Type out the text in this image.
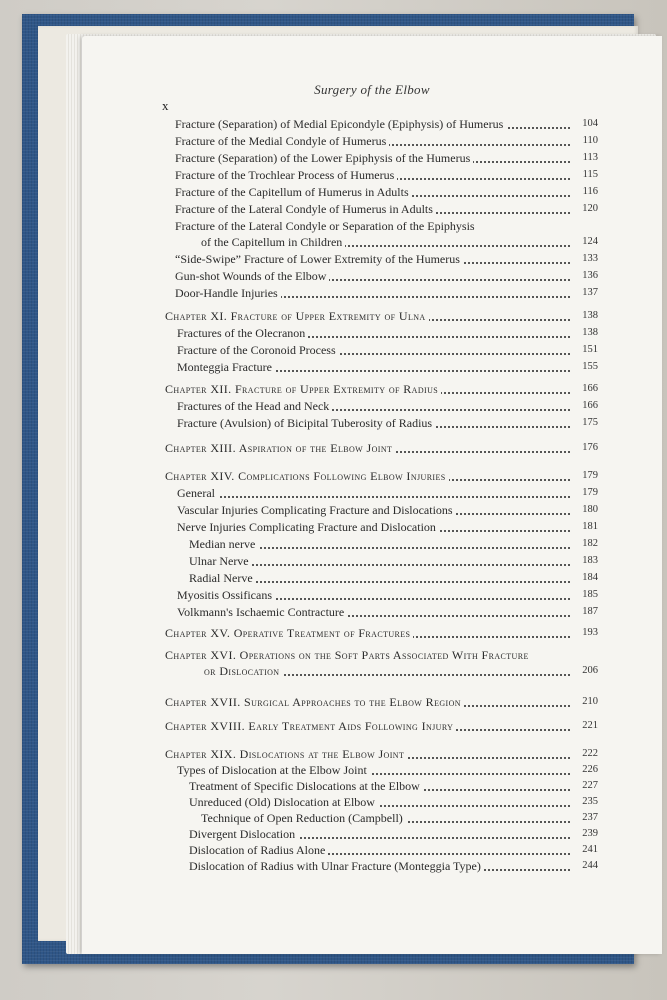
Surgery of the Elbow
x
Fracture (Separation) of Medial Epicondyle (Epiphysis) of Humerus	104
Fracture of the Medial Condyle of Humerus	110
Fracture (Separation) of the Lower Epiphysis of the Humerus	113
Fracture of the Trochlear Process of Humerus	115
Fracture of the Capitellum of Humerus in Adults	116
Fracture of the Lateral Condyle of Humerus in Adults	120
Fracture of the Lateral Condyle or Separation of the Epiphysis
of the Capitellum in Children	124
“Side-Swipe” Fracture of Lower Extremity of the Humerus	133
Gun-shot Wounds of the Elbow	136
Door-Handle Injuries	137
Chapter XI. Fracture of Upper Extremity of Ulna	138
Fractures of the Olecranon	138
Fracture of the Coronoid Process	151
Monteggia Fracture	155
Chapter XII. Fracture of Upper Extremity of Radius	166
Fractures of the Head and Neck	166
Fracture (Avulsion) of Bicipital Tuberosity of Radius	175
Chapter XIII. Aspiration of the Elbow Joint	176
Chapter XIV. Complications Following Elbow Injuries	179
General	179
Vascular Injuries Complicating Fracture and Dislocations	180
Nerve Injuries Complicating Fracture and Dislocation	181
Median nerve	182
Ulnar Nerve	183
Radial Nerve	184
Myositis Ossificans	185
Volkmann's Ischaemic Contracture	187
Chapter XV. Operative Treatment of Fractures	193
Chapter XVI. Operations on the Soft Parts Associated With Fracture
or Dislocation	206
Chapter XVII. Surgical Approaches to the Elbow Region	210
Chapter XVIII. Early Treatment Aids Following Injury	221
Chapter XIX. Dislocations at the Elbow Joint	222
Types of Dislocation at the Elbow Joint	226
Treatment of Specific Dislocations at the Elbow	227
Unreduced (Old) Dislocation at Elbow	235
Technique of Open Reduction (Campbell)	237
Divergent Dislocation	239
Dislocation of Radius Alone	241
Dislocation of Radius with Ulnar Fracture (Monteggia Type)	244
